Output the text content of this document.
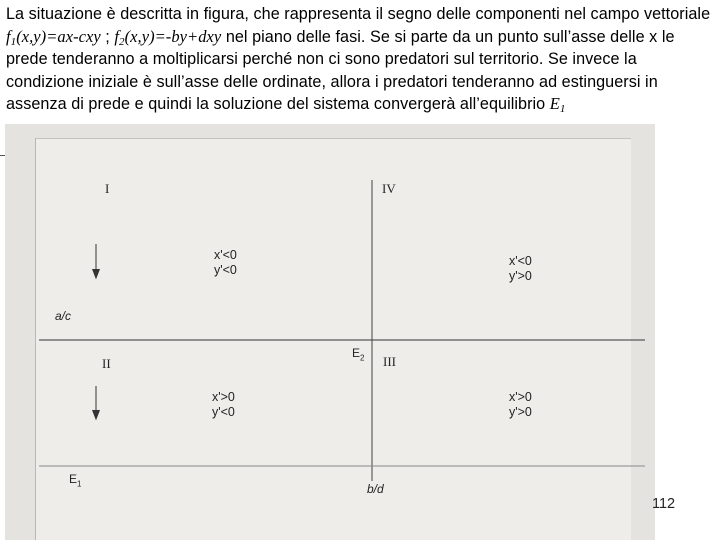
La situazione è descritta in figura, che rappresenta il segno delle componenti nel campo vettoriale $f_1(x,y)=ax$-cxy ; $f_2(x,y)=-by+dxy$ nel piano delle fasi. Se si parte da un punto sull’asse delle x le prede tenderanno a moltiplicarsi perché non ci sono predatori sul territorio. Se invece la condizione iniziale è sull’asse delle ordinate, allora i predatori tenderanno ad estinguersi in assenza di prede e quindi la soluzione del sistema convergerà all’equilibrio $E_1$
I	IV
II	III
x'<0
y'<0
x'<0
y'>0
x'>0
y'<0
x'>0
y'>0
a/c
b/d
$E_2$
$E_1$
112
